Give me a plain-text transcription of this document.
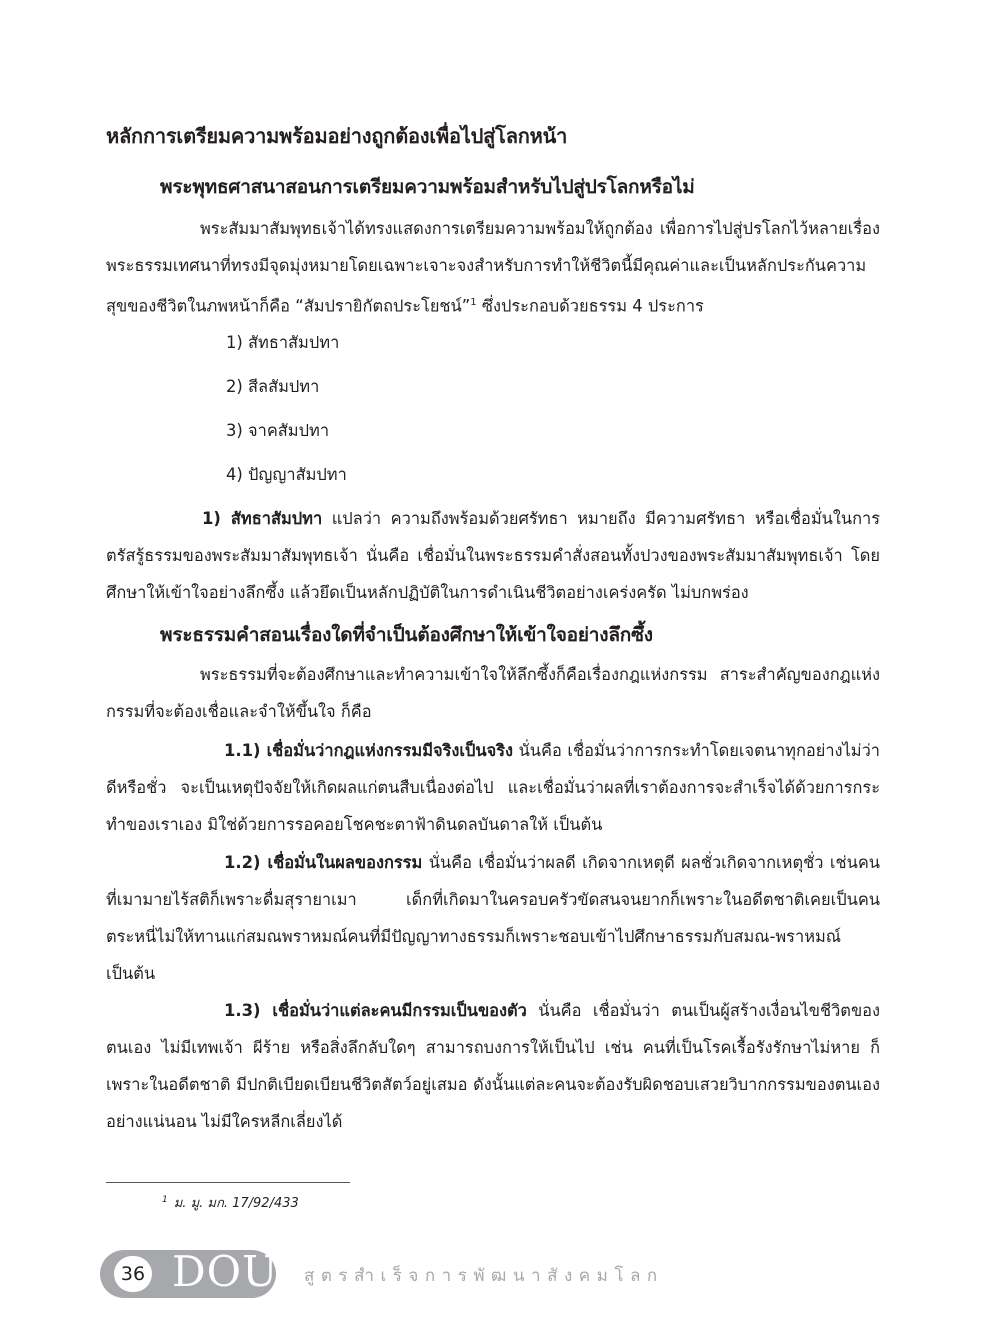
หลักการเตรียมความพร้อมอย่างถูกต้องเพื่อไปสู่โลกหน้า
พระพุทธศาสนาสอนการเตรียมความพร้อมสำหรับไปสู่ปรโลกหรือไม่
พระสัมมาสัมพุทธเจ้าได้ทรงแสดงการเตรียมความพร้อมให้ถูกต้อง เพื่อการไปสู่ปรโลกไว้หลายเรื่อง พระธรรมเทศนาที่ทรงมีจุดมุ่งหมายโดยเฉพาะเจาะจงสำหรับการทำให้ชีวิตนี้มีคุณค่าและเป็นหลักประกันความสุขของชีวิตในภพหน้าก็คือ “สัมปรายิกัตถประโยชน์”$^1$ ซึ่งประกอบด้วยธรรม 4 ประการ
1) สัทธาสัมปทา
2) สีลสัมปทา
3) จาคสัมปทา
4) ปัญญาสัมปทา
1) สัทธาสัมปทา แปลว่า ความถึงพร้อมด้วยศรัทธา หมายถึง มีความศรัทธา หรือเชื่อมั่นในการตรัสรู้ธรรมของพระสัมมาสัมพุทธเจ้า นั่นคือ เชื่อมั่นในพระธรรมคำสั่งสอนทั้งปวงของพระสัมมาสัมพุทธเจ้า โดยศึกษาให้เข้าใจอย่างลึกซึ้ง แล้วยึดเป็นหลักปฏิบัติในการดำเนินชีวิตอย่างเคร่งครัด ไม่บกพร่อง
พระธรรมคำสอนเรื่องใดที่จำเป็นต้องศึกษาให้เข้าใจอย่างลึกซึ้ง
พระธรรมที่จะต้องศึกษาและทำความเข้าใจให้ลึกซึ้งก็คือเรื่องกฎแห่งกรรม สาระสำคัญของกฎแห่งกรรมที่จะต้องเชื่อและจำให้ขึ้นใจ ก็คือ
1.1) เชื่อมั่นว่ากฎแห่งกรรมมีจริงเป็นจริง นั่นคือ เชื่อมั่นว่าการกระทำโดยเจตนาทุกอย่างไม่ว่าดีหรือชั่ว จะเป็นเหตุปัจจัยให้เกิดผลแก่ตนสืบเนื่องต่อไป และเชื่อมั่นว่าผลที่เราต้องการจะสำเร็จได้ด้วยการกระทำของเราเอง มิใช่ด้วยการรอคอยโชคชะตาฟ้าดินดลบันดาลให้ เป็นต้น
1.2) เชื่อมั่นในผลของกรรม นั่นคือ เชื่อมั่นว่าผลดี เกิดจากเหตุดี ผลชั่วเกิดจากเหตุชั่ว เช่นคนที่เมามายไร้สติก็เพราะดื่มสุรายาเมา เด็กที่เกิดมาในครอบครัวขัดสนจนยากก็เพราะในอดีตชาติเคยเป็นคนตระหนี่ไม่ให้ทานแก่สมณพราหมณ์คนที่มีปัญญาทางธรรมก็เพราะชอบเข้าไปศึกษาธรรมกับสมณ-พราหมณ์ เป็นต้น
1.3) เชื่อมั่นว่าแต่ละคนมีกรรมเป็นของตัว นั่นคือ เชื่อมั่นว่า ตนเป็นผู้สร้างเงื่อนไขชีวิตของตนเอง ไม่มีเทพเจ้า ผีร้าย หรือสิ่งลึกลับใดๆ สามารถบงการให้เป็นไป เช่น คนที่เป็นโรคเรื้อรังรักษาไม่หาย ก็เพราะในอดีตชาติ มีปกติเบียดเบียนชีวิตสัตว์อยู่เสมอ ดังนั้นแต่ละคนจะต้องรับผิดชอบเสวยวิบากกรรมของตนเองอย่างแน่นอน ไม่มีใครหลีกเลี่ยงได้
$^1$ ม. มู. มก. 17/92/433
36 DOU สูตรสำเร็จการพัฒนาสังคมโลก
